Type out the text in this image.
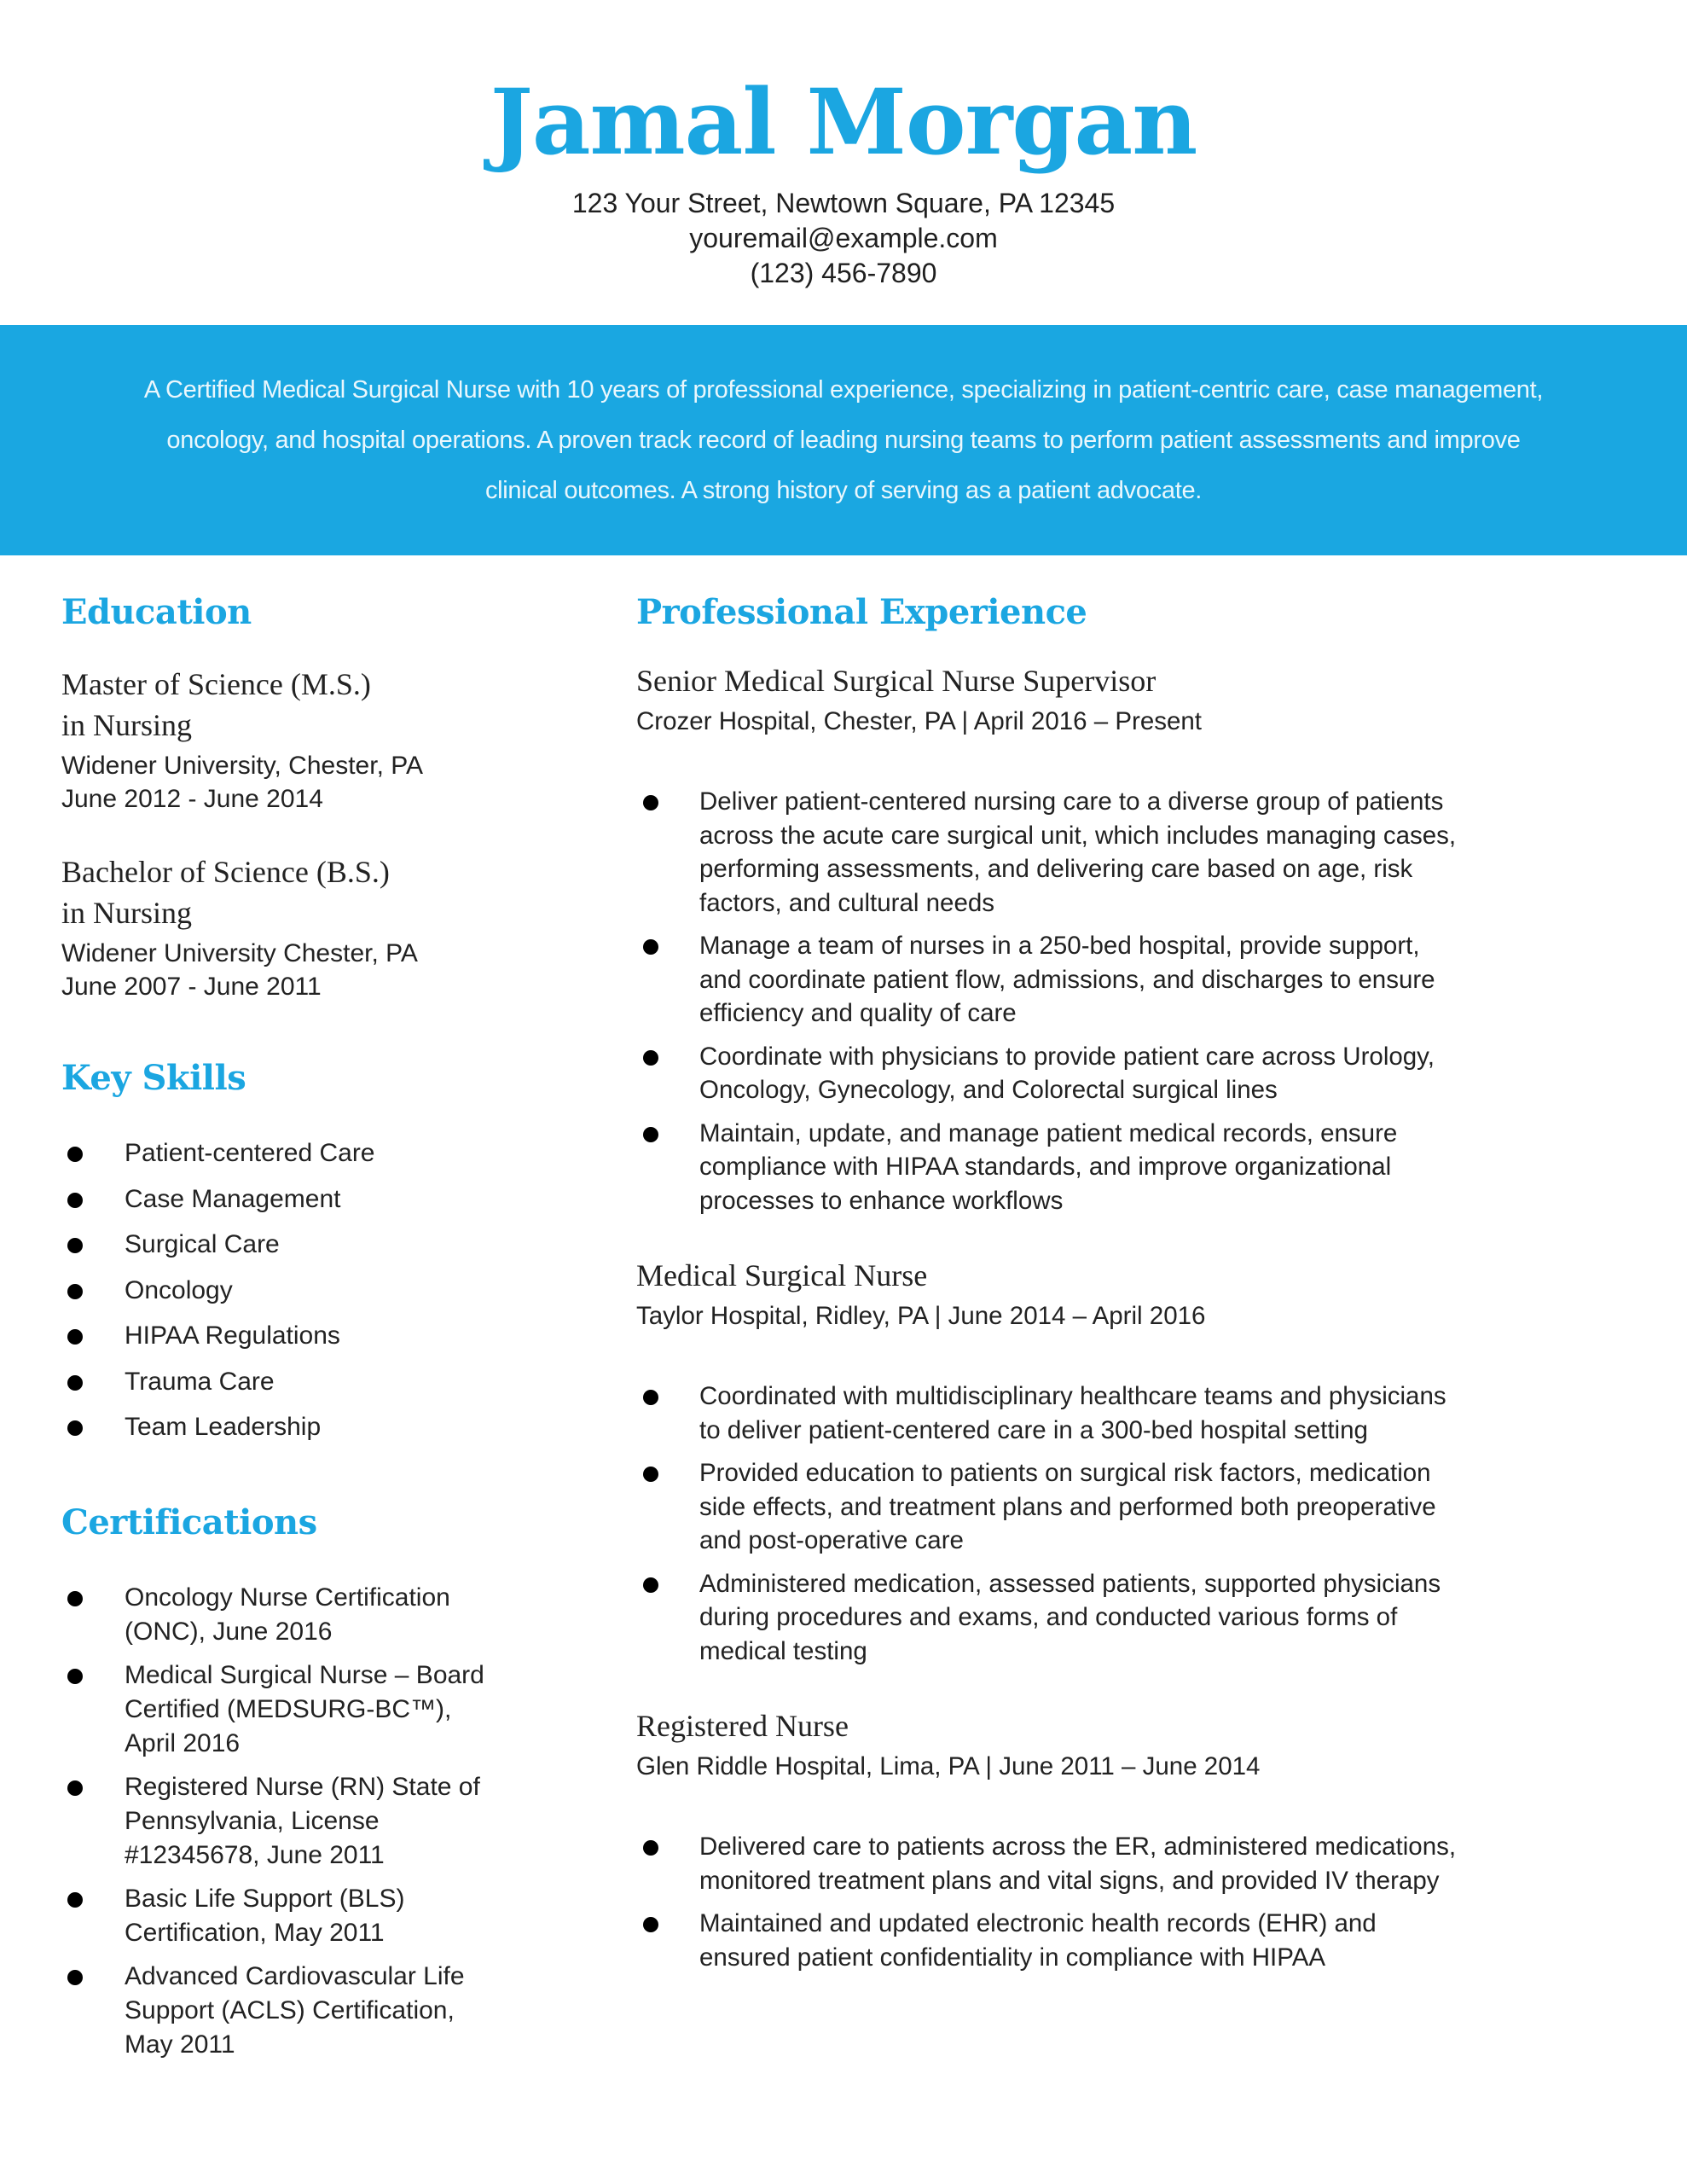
Jamal Morgan
123 Your Street, Newtown Square, PA 12345
youremail@example.com
(123) 456-7890

A Certified Medical Surgical Nurse with 10 years of professional experience, specializing in patient-centric care, case management, oncology, and hospital operations. A proven track record of leading nursing teams to perform patient assessments and improve clinical outcomes. A strong history of serving as a patient advocate.

Education
Master of Science (M.S.)
in Nursing
Widener University, Chester, PA
June 2012 - June 2014
Bachelor of Science (B.S.)
in Nursing
Widener University Chester, PA
June 2007 - June 2011
Key Skills
Patient-centered Care
Case Management
Surgical Care
Oncology
HIPAA Regulations
Trauma Care
Team Leadership
Certifications
Oncology Nurse Certification (ONC), June 2016
Medical Surgical Nurse – Board Certified (MEDSURG-BC™), April 2016
Registered Nurse (RN) State of Pennsylvania, License #12345678, June 2011
Basic Life Support (BLS) Certification, May 2011
Advanced Cardiovascular Life Support (ACLS) Certification, May 2011
Professional Experience
Senior Medical Surgical Nurse Supervisor
Crozer Hospital, Chester, PA | April 2016 – Present
Deliver patient-centered nursing care to a diverse group of patients across the acute care surgical unit, which includes managing cases, performing assessments, and delivering care based on age, risk factors, and cultural needs
Manage a team of nurses in a 250-bed hospital, provide support, and coordinate patient flow, admissions, and discharges to ensure efficiency and quality of care
Coordinate with physicians to provide patient care across Urology, Oncology, Gynecology, and Colorectal surgical lines
Maintain, update, and manage patient medical records, ensure compliance with HIPAA standards, and improve organizational processes to enhance workflows
Medical Surgical Nurse
Taylor Hospital, Ridley, PA | June 2014 – April 2016
Coordinated with multidisciplinary healthcare teams and physicians to deliver patient-centered care in a 300-bed hospital setting
Provided education to patients on surgical risk factors, medication side effects, and treatment plans and performed both preoperative and post-operative care
Administered medication, assessed patients, supported physicians during procedures and exams, and conducted various forms of medical testing
Registered Nurse
Glen Riddle Hospital, Lima, PA | June 2011 – June 2014
Delivered care to patients across the ER, administered medications, monitored treatment plans and vital signs, and provided IV therapy
Maintained and updated electronic health records (EHR) and ensured patient confidentiality in compliance with HIPAA
